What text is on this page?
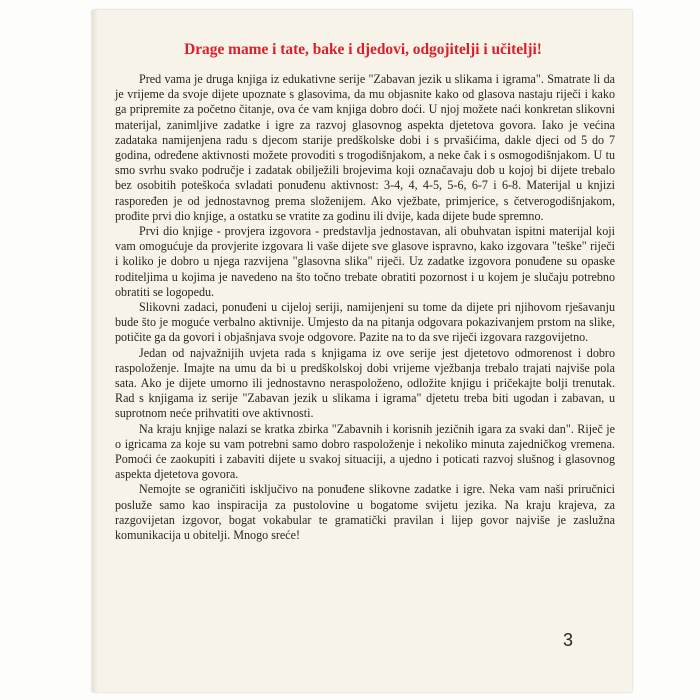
Drage mame i tate, bake i djedovi, odgojitelji i učitelji!

Pred vama je druga knjiga iz edukativne serije "Zabavan jezik u slikama i igrama". Smatrate li da je vrijeme da svoje dijete upoznate s glasovima, da mu objasnite kako od glasova nastaju riječi i kako ga pripremite za početno čitanje, ova će vam knjiga dobro doći. U njoj možete naći konkretan slikovni materijal, zanimljive zadatke i igre za razvoj glasovnog aspekta djetetova govora. Iako je većina zadataka namijenjena radu s djecom starije predškolske dobi i s prvašićima, dakle djeci od 5 do 7 godina, određene aktivnosti možete provoditi s trogodišnjakom, a neke čak i s osmogodišnjakom. U tu smo svrhu svako područje i zadatak obilježili brojevima koji označavaju dob u kojoj bi dijete trebalo bez osobitih poteškoća svladati ponuđenu aktivnost: 3-4, 4, 4-5, 5-6, 6-7 i 6-8. Materijal u knjizi raspoređen je od jednostavnog prema složenijem. Ako vježbate, primjerice, s četverogodišnjakom, prođite prvi dio knjige, a ostatku se vratite za godinu ili dvije, kada dijete bude spremno.

Prvi dio knjige - provjera izgovora - predstavlja jednostavan, ali obuhvatan ispitni materijal koji vam omogućuje da provjerite izgovara li vaše dijete sve glasove ispravno, kako izgovara "teške" riječi i koliko je dobro u njega razvijena "glasovna slika" riječi. Uz zadatke izgovora ponuđene su opaske roditeljima u kojima je navedeno na što točno trebate obratiti pozornost i u kojem je slučaju potrebno obratiti se logopedu.

Slikovni zadaci, ponuđeni u cijeloj seriji, namijenjeni su tome da dijete pri njihovom rješavanju bude što je moguće verbalno aktivnije. Umjesto da na pitanja odgovara pokazivanjem prstom na slike, potičite ga da govori i objašnjava svoje odgovore. Pazite na to da sve riječi izgovara razgovijetno.

Jedan od najvažnijih uvjeta rada s knjigama iz ove serije jest djetetovo odmorenost i dobro raspoloženje. Imajte na umu da bi u predškolskoj dobi vrijeme vježbanja trebalo trajati najviše pola sata. Ako je dijete umorno ili jednostavno neraspoloženo, odložite knjigu i pričekajte bolji trenutak. Rad s knjigama iz serije "Zabavan jezik u slikama i igrama" djetetu treba biti ugodan i zabavan, u suprotnom neće prihvatiti ove aktivnosti.

Na kraju knjige nalazi se kratka zbirka "Zabavnih i korisnih jezičnih igara za svaki dan". Riječ je o igricama za koje su vam potrebni samo dobro raspoloženje i nekoliko minuta zajedničkog vremena. Pomoći će zaokupiti i zabaviti dijete u svakoj situaciji, a ujedno i poticati razvoj slušnog i glasovnog aspekta djetetova govora.

Nemojte se ograničiti isključivo na ponuđene slikovne zadatke i igre. Neka vam naši priručnici posluže samo kao inspiracija za pustolovine u bogatome svijetu jezika. Na kraju krajeva, za razgovijetan izgovor, bogat vokabular te gramatički pravilan i lijep govor najviše je zaslužna komunikacija u obitelji. Mnogo sreće!

3
